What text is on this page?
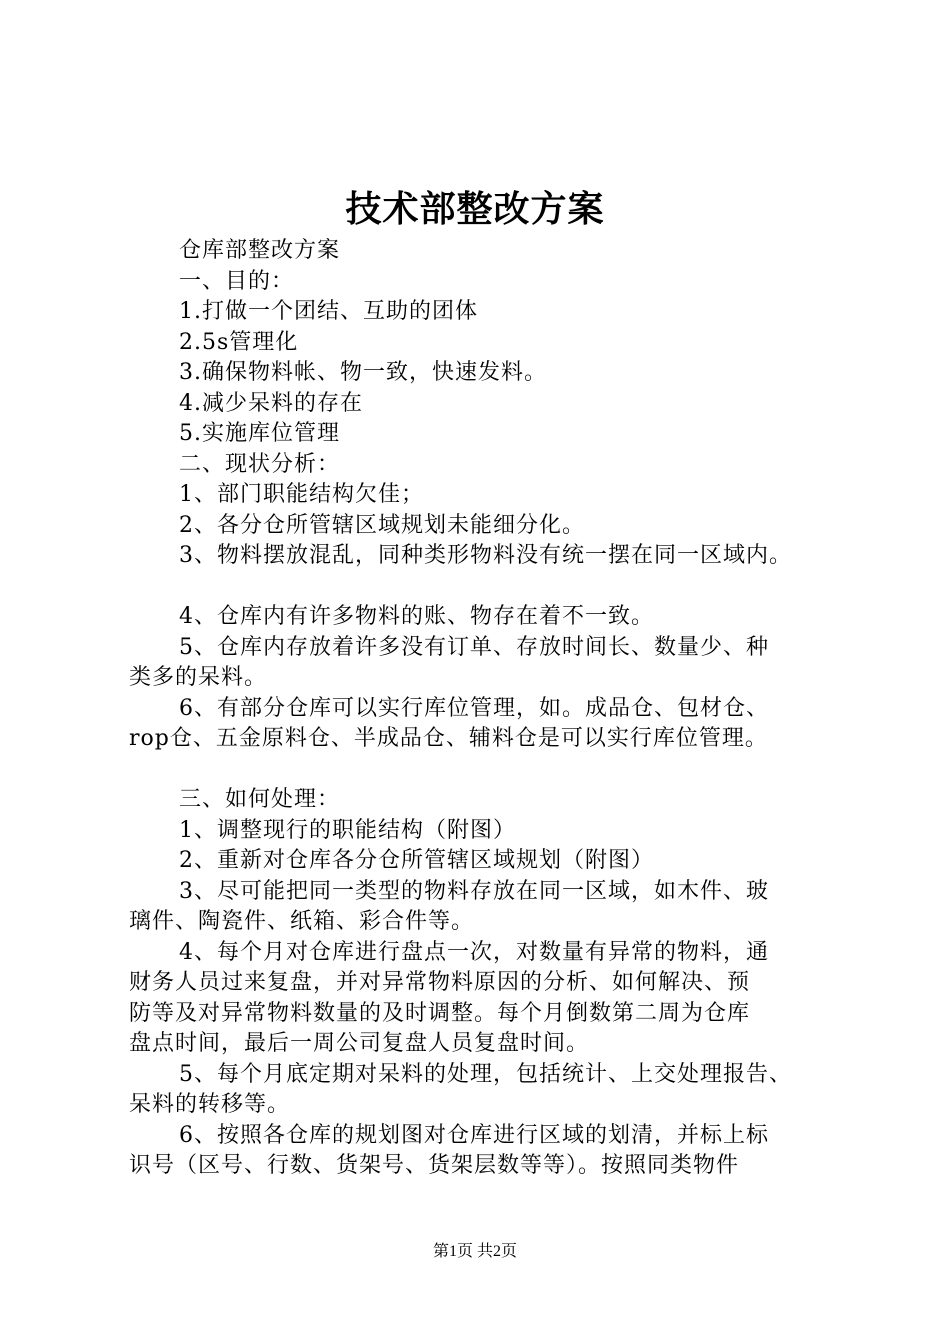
技术部整改方案

仓库部整改方案

一、目的：

1.打做一个团结、互助的团体

2.5s管理化

3.确保物料帐、物一致，快速发料。

4.减少呆料的存在

5.实施库位管理

二、现状分析：

1、部门职能结构欠佳；

2、各分仓所管辖区域规划未能细分化。

3、物料摆放混乱，同种类形物料没有统一摆在同一区域内。

4、仓库内有许多物料的账、物存在着不一致。

5、仓库内存放着许多没有订单、存放时间长、数量少、种

类多的呆料。

6、有部分仓库可以实行库位管理，如。成品仓、包材仓、

rop仓、五金原料仓、半成品仓、辅料仓是可以实行库位管理。

三、如何处理：

1、调整现行的职能结构（附图）

2、重新对仓库各分仓所管辖区域规划（附图）

3、尽可能把同一类型的物料存放在同一区域，如木件、玻

璃件、陶瓷件、纸箱、彩合件等。

4、每个月对仓库进行盘点一次，对数量有异常的物料，通

财务人员过来复盘，并对异常物料原因的分析、如何解决、预

防等及对异常物料数量的及时调整。每个月倒数第二周为仓库

盘点时间，最后一周公司复盘人员复盘时间。

5、每个月底定期对呆料的处理，包括统计、上交处理报告、

呆料的转移等。

6、按照各仓库的规划图对仓库进行区域的划清，并标上标

识号（区号、行数、货架号、货架层数等等）。按照同类物件

第1页 共2页
